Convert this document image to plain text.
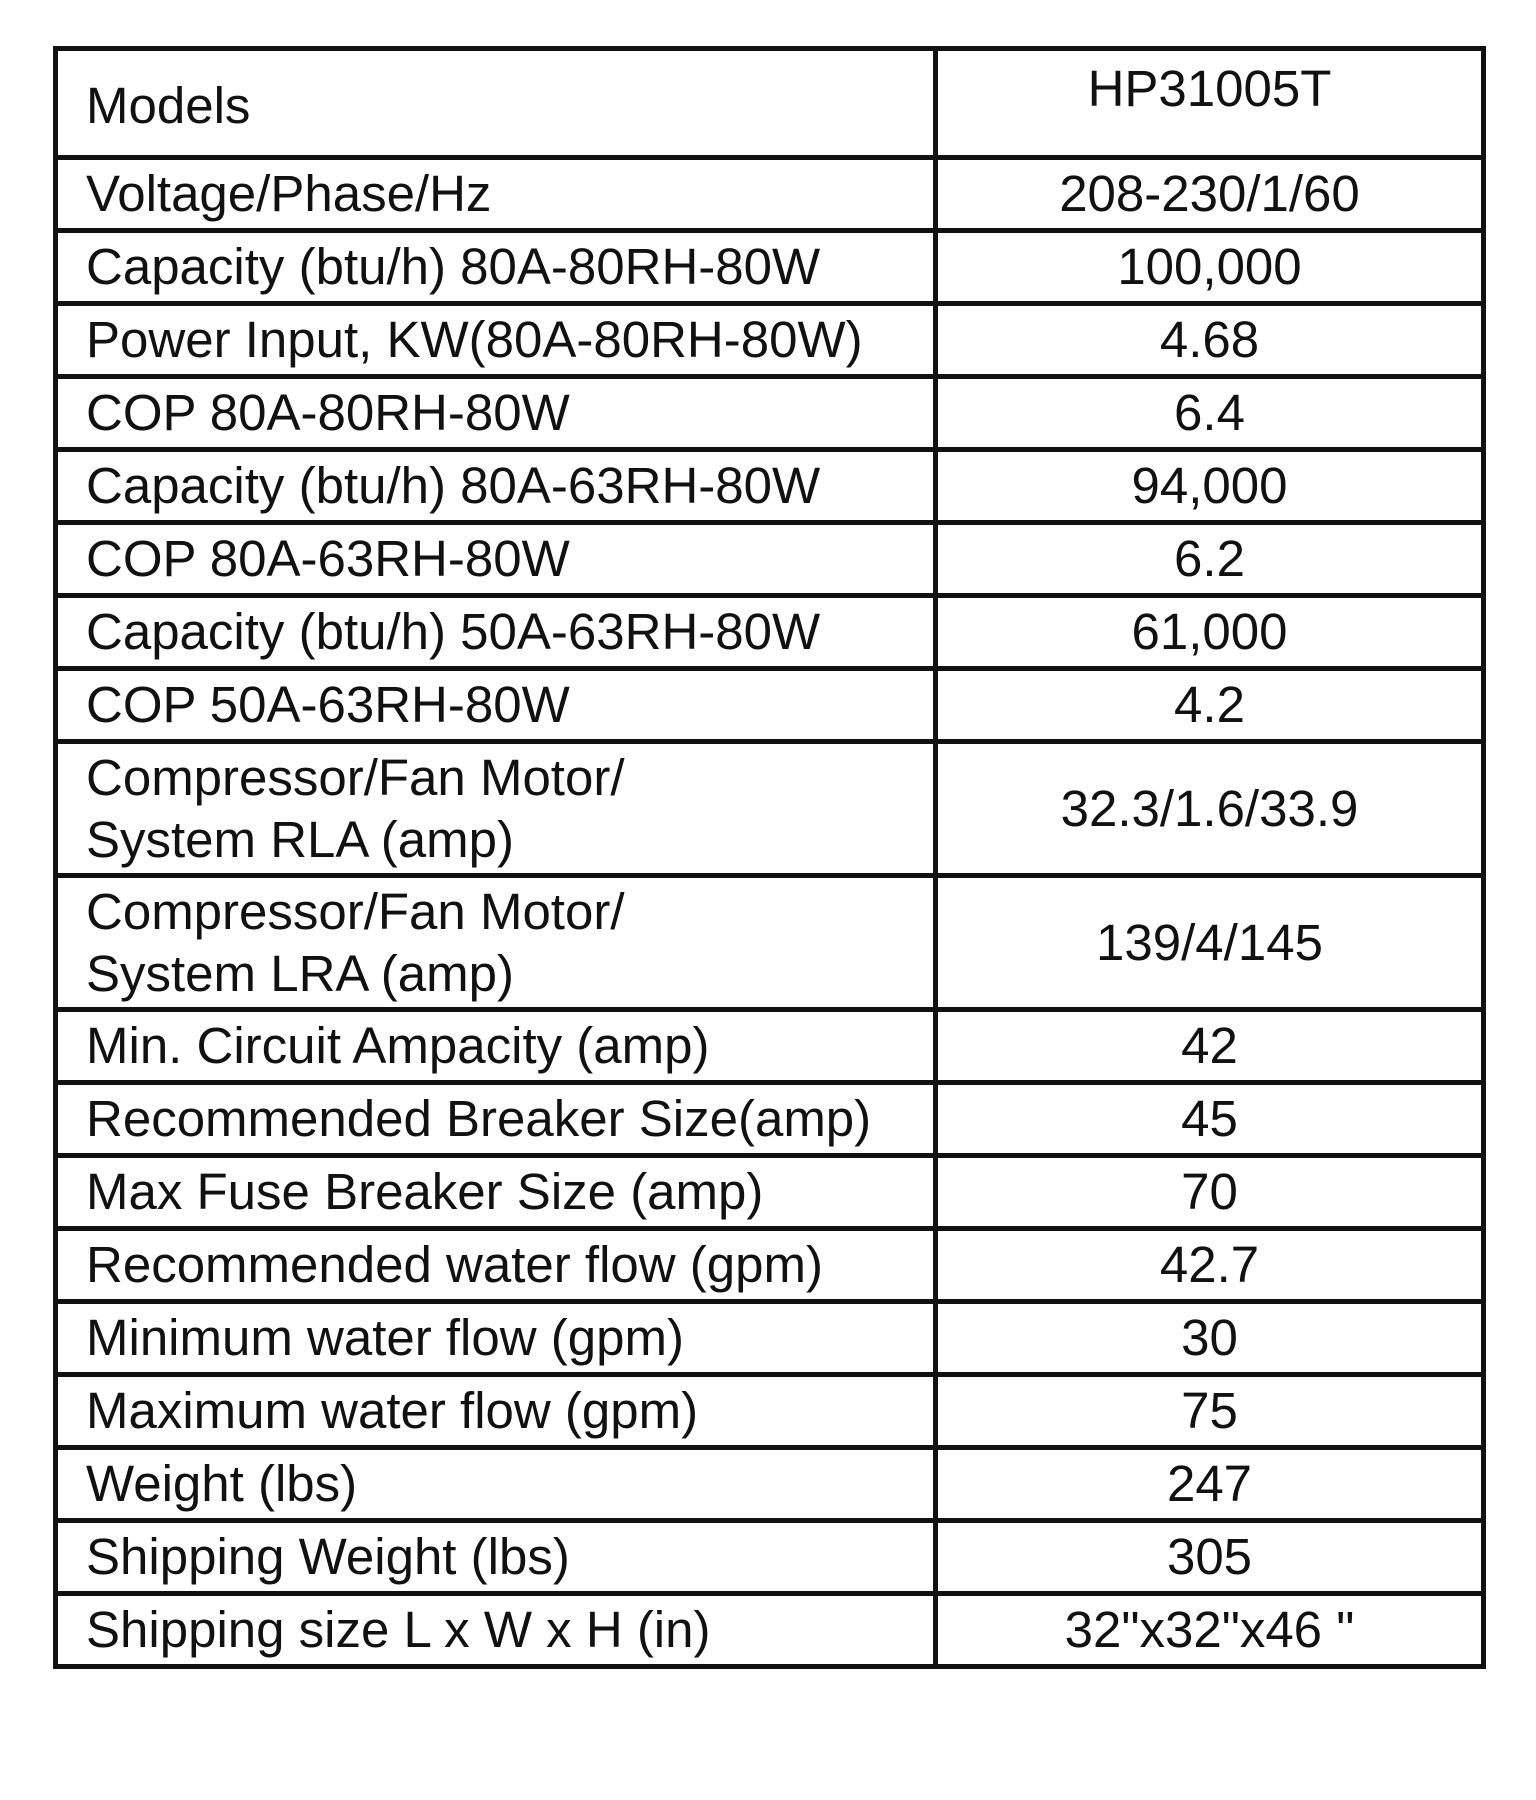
Models	HP31005T
Voltage/Phase/Hz	208-230/1/60
Capacity (btu/h) 80A-80RH-80W	100,000
Power Input, KW(80A-80RH-80W)	4.68
COP 80A-80RH-80W	6.4
Capacity (btu/h) 80A-63RH-80W	94,000
COP 80A-63RH-80W	6.2
Capacity (btu/h) 50A-63RH-80W	61,000
COP 50A-63RH-80W	4.2
Compressor/Fan Motor/
System RLA (amp)	32.3/1.6/33.9
Compressor/Fan Motor/
System LRA (amp)	139/4/145
Min. Circuit Ampacity (amp)	42
Recommended Breaker Size(amp)	45
Max Fuse Breaker Size (amp)	70
Recommended water flow (gpm)	42.7
Minimum water flow (gpm)	30
Maximum water flow (gpm)	75
Weight (lbs)	247
Shipping Weight (lbs)	305
Shipping size L x W x H (in)	32"x32"x46 "
